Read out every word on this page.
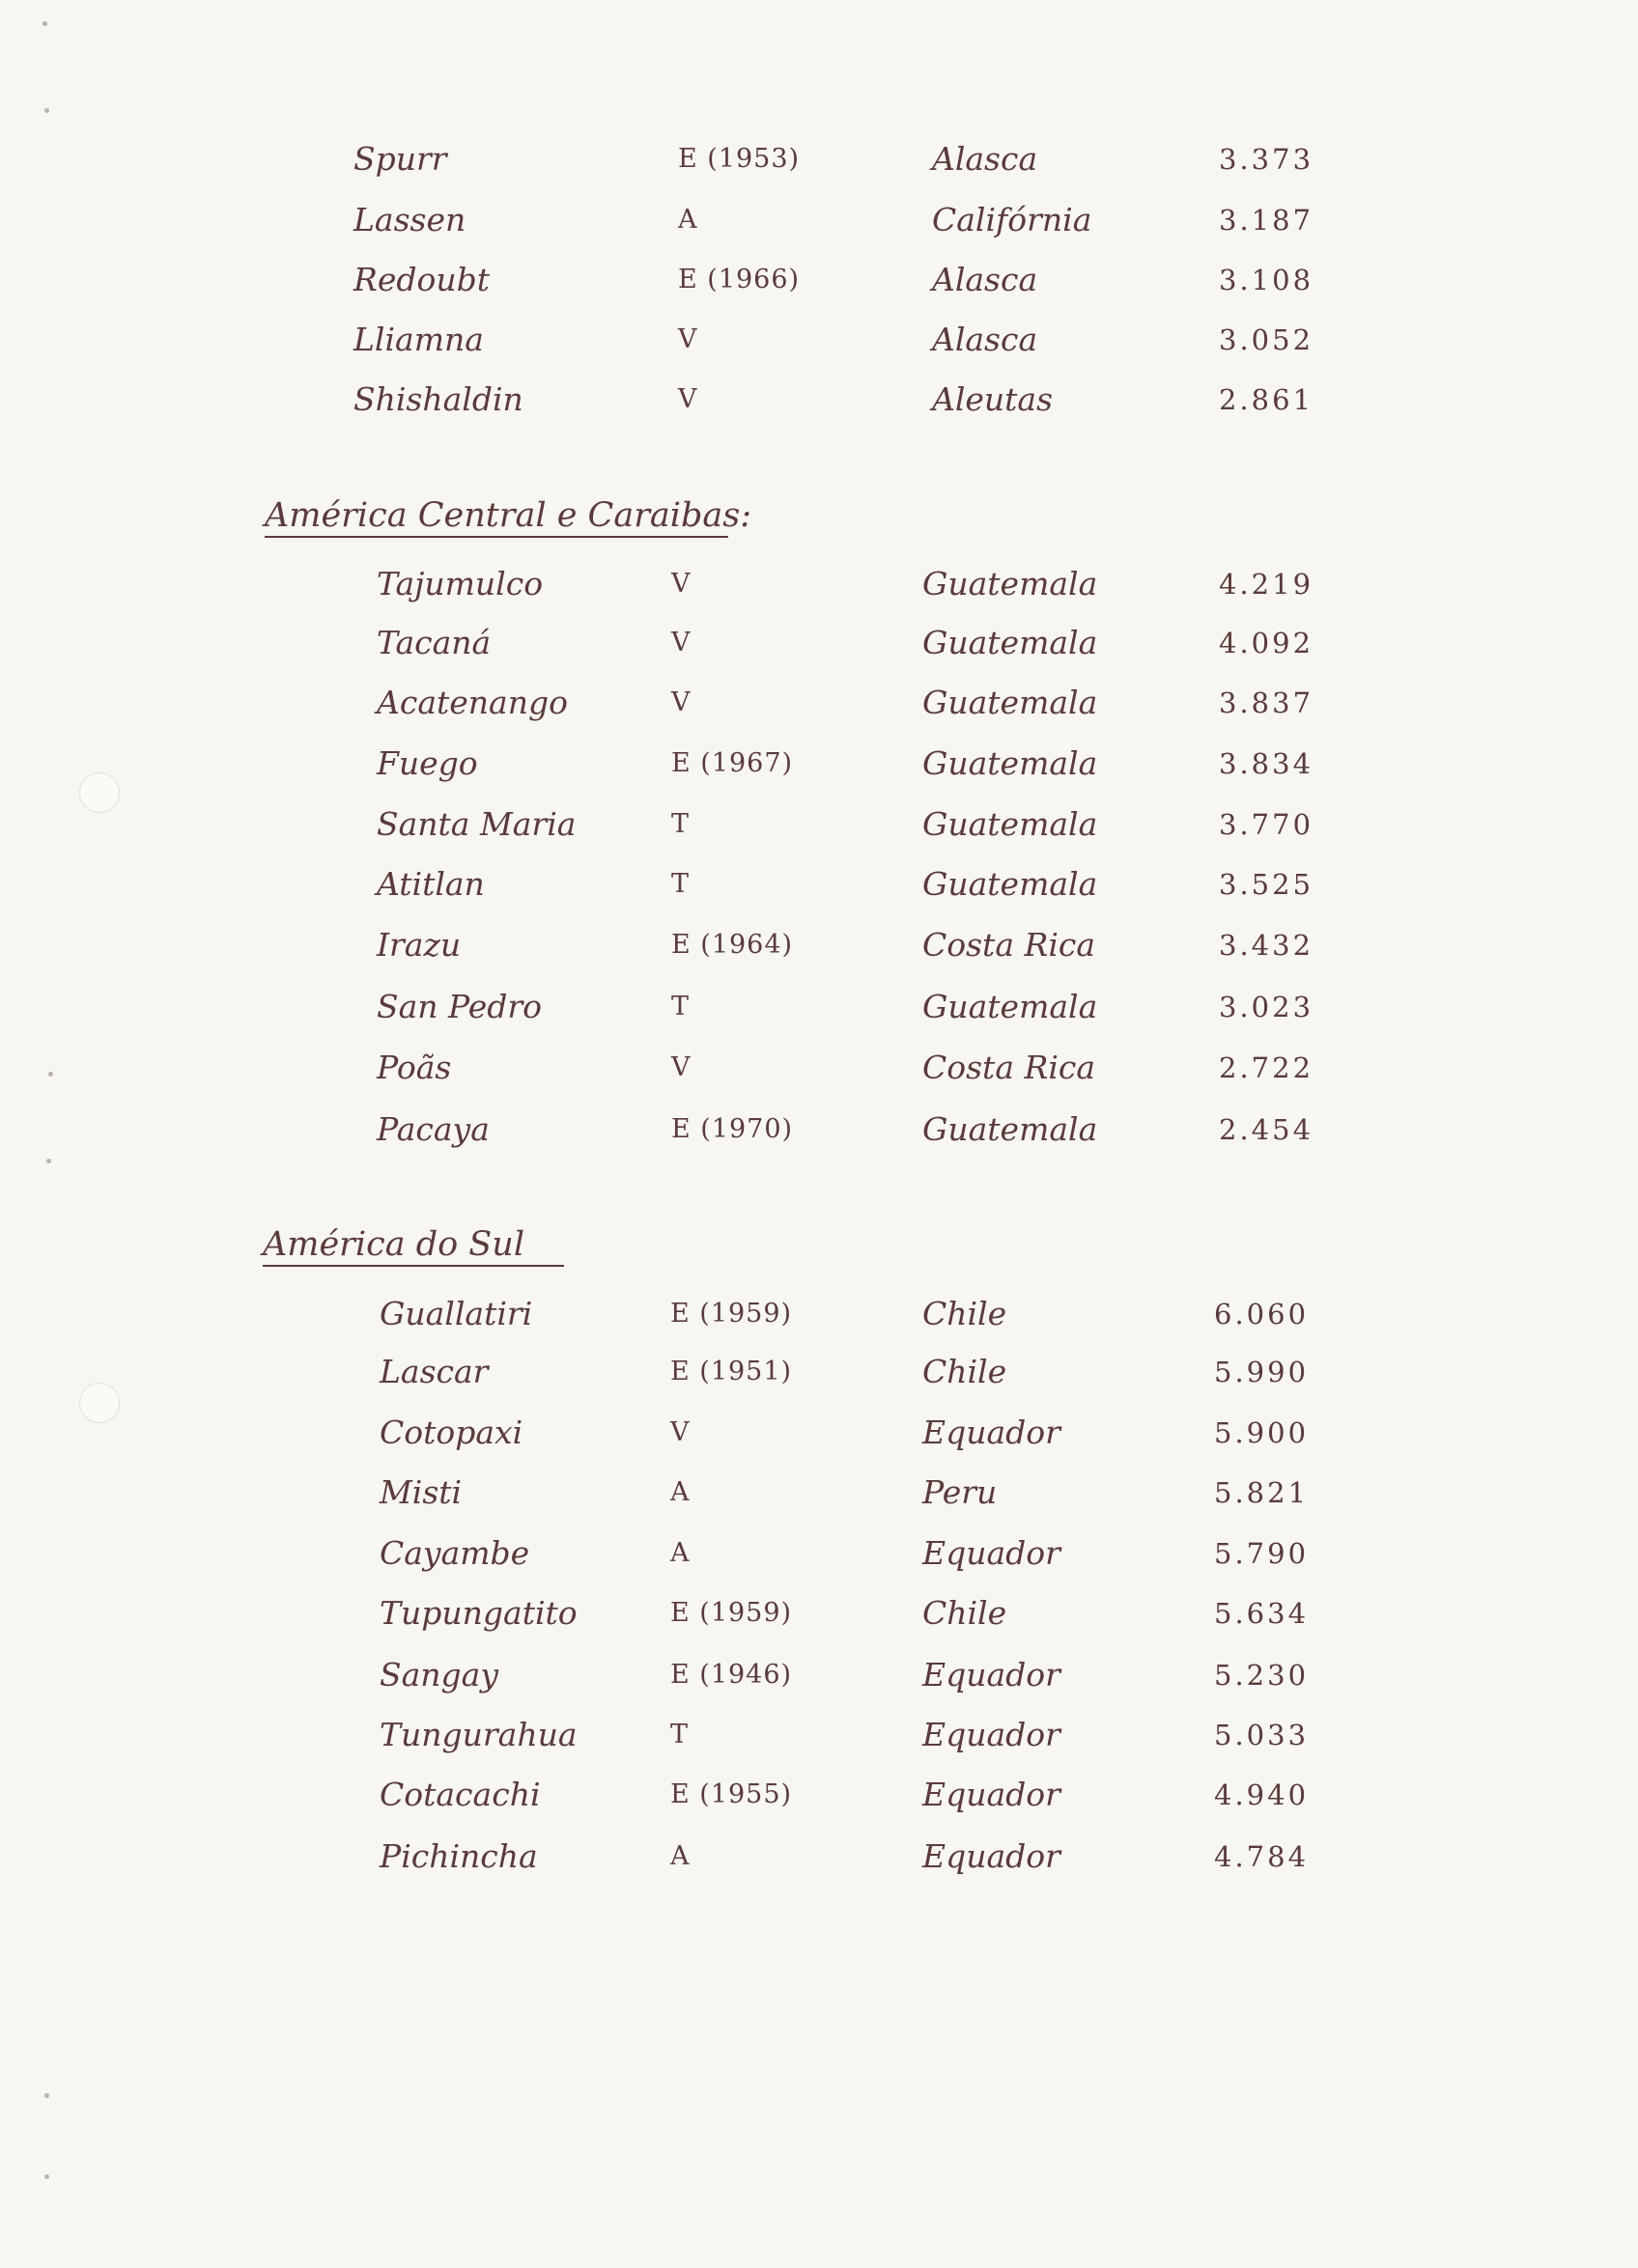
Spurr	E (1953)	Alasca	3.373
Lassen	A	Califórnia	3.187
Redoubt	E (1966)	Alasca	3.108
Lliamna	V	Alasca	3.052
Shishaldin	V	Aleutas	2.861
América Central e Caraibas:
Tajumulco	V	Guatemala	4.219
Tacaná	V	Guatemala	4.092
Acatenango	V	Guatemala	3.837
Fuego	E (1967)	Guatemala	3.834
Santa Maria	T	Guatemala	3.770
Atitlan	T	Guatemala	3.525
Irazu	E (1964)	Costa Rica	3.432
San Pedro	T	Guatemala	3.023
Poãs	V	Costa Rica	2.722
Pacaya	E (1970)	Guatemala	2.454
América do Sul
Guallatiri	E (1959)	Chile	6.060
Lascar	E (1951)	Chile	5.990
Cotopaxi	V	Equador	5.900
Misti	A	Peru	5.821
Cayambe	A	Equador	5.790
Tupungatito	E (1959)	Chile	5.634
Sangay	E (1946)	Equador	5.230
Tungurahua	T	Equador	5.033
Cotacachi	E (1955)	Equador	4.940
Pichincha	A	Equador	4.784
